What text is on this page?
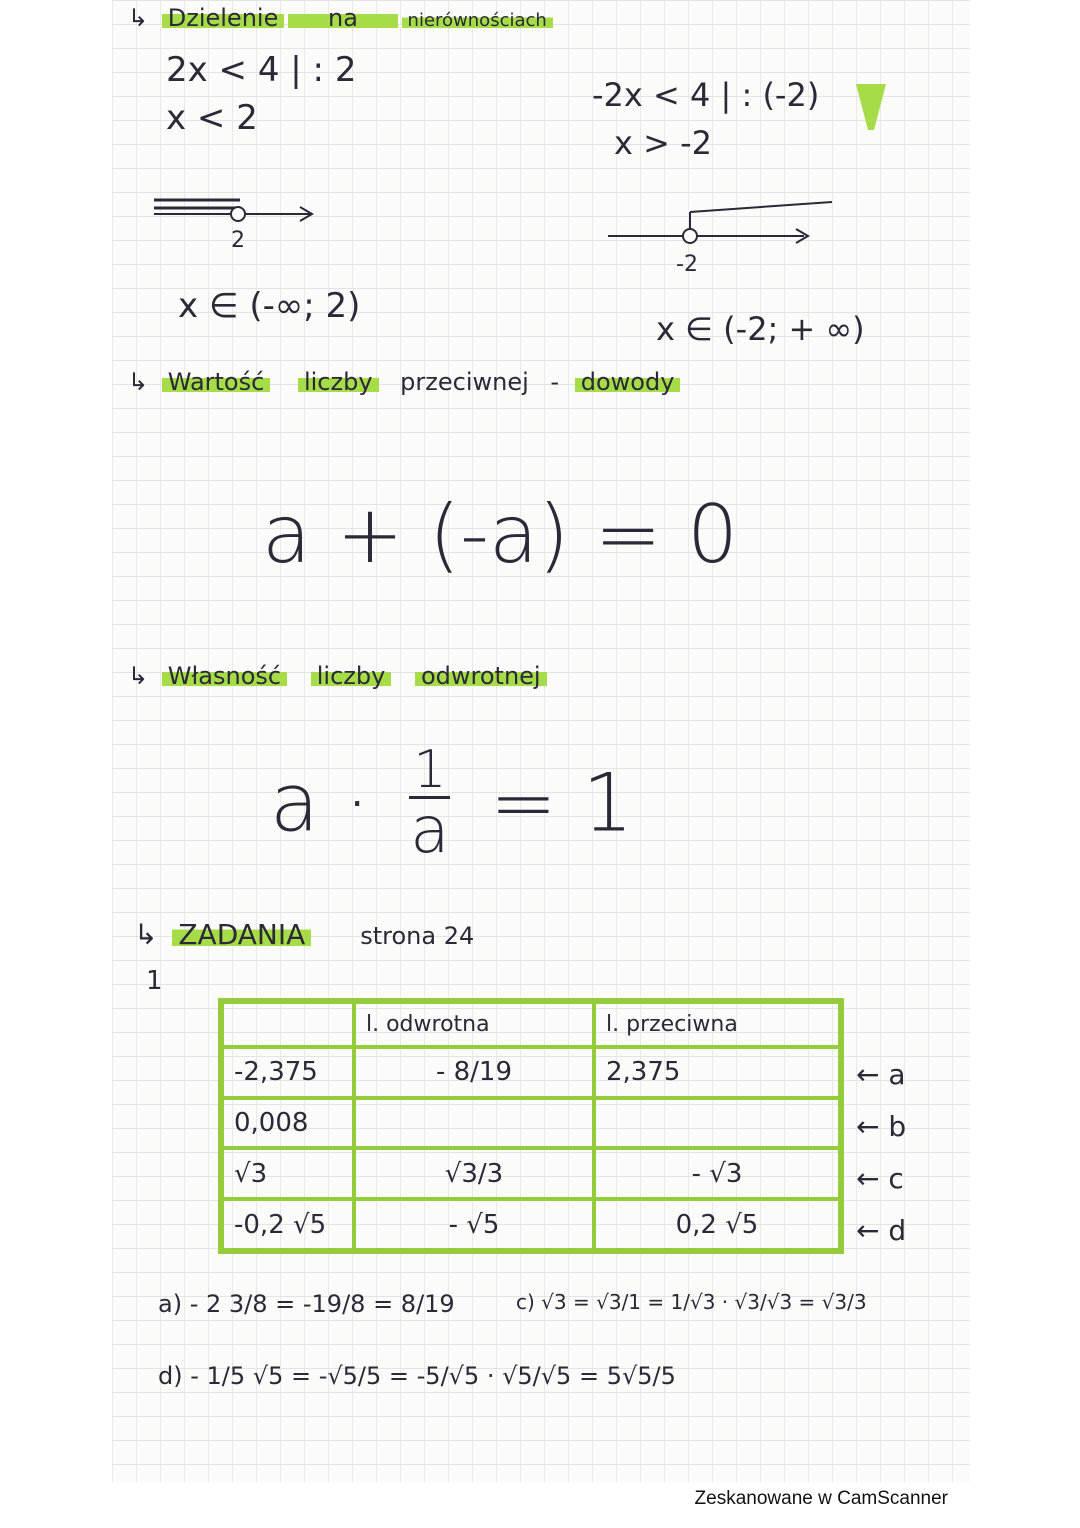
↳ Dzielenie na	nierównościach
2x < 4 | : 2
x < 2
2
x ∈ (-∞; 2)
-2x < 4 | : (-2)
x > -2
-2
x ∈ (-2; + ∞)
↳ Wartość liczby przeciwnej - dowody
a + (-a) = 0
↳ Własność liczby odwrotnej
a · 1
a = 1
↳ ZADANIA strona 24
1
	l. odwrotna	l. przeciwna
-2,375	- 8/19	2,375
0,008		
√3	√3/3	- √3
-0,2 √5	- √5	0,2 √5
← a
← b
← c
← d
a) - 2 3/8 = -19/8 = 8/19	c) √3 = √3/1 = 1/√3 · √3/√3 = √3/3
d) - 1/5 √5 = -√5/5 = -5/√5 · √5/√5 = 5√5/5
Zeskanowane w CamScanner
